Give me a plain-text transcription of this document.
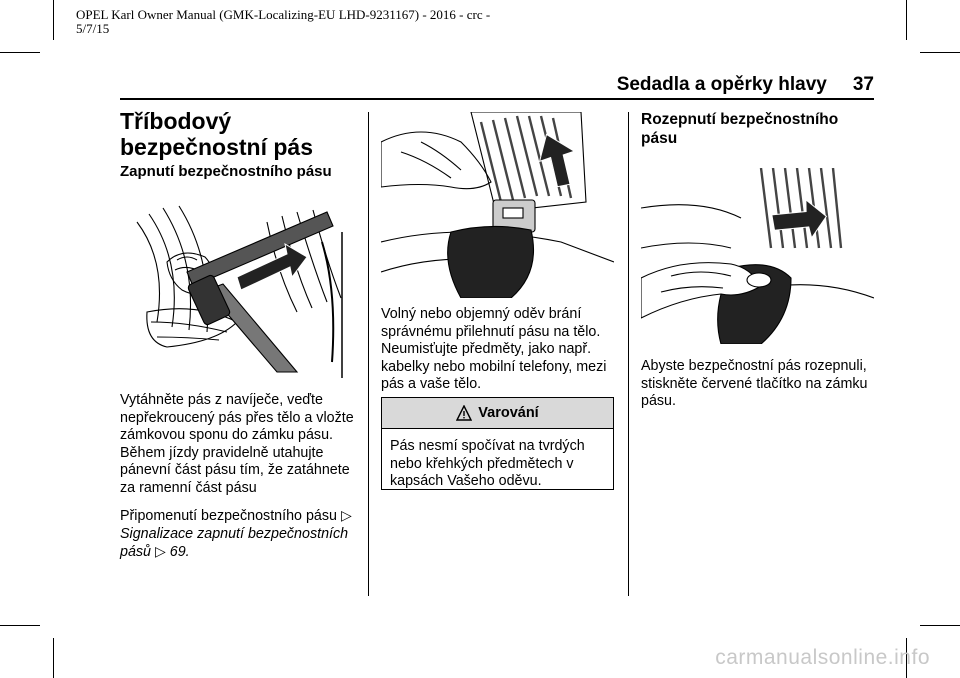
OPEL Karl Owner Manual (GMK-Localizing-EU LHD-9231167) - 2016 - crc -
5/7/15
Sedadla a opěrky hlavy 37
Tříbodový bezpečnostní pás
Zapnutí bezpečnostního pásu

Vytáhněte pás z navíječe, veďte nepřekroucený pás přes tělo a vložte zámkovou sponu do zámku pásu. Během jízdy pravidelně utahujte pánevní část pásu tím, že zatáhnete za ramenní část pásu

Připomenutí bezpečnostního pásu ▷

Signalizace zapnutí bezpečnostních pásů ▷ 69.

Volný nebo objemný oděv brání správnému přilehnutí pásu na tělo. Neumisťujte předměty, jako např. kabelky nebo mobilní telefony, mezi pás a vaše tělo.
Varování
Pás nesmí spočívat na tvrdých nebo křehkých předmětech v kapsách Vašeho oděvu.
Rozepnutí bezpečnostního pásu
Abyste bezpečnostní pás rozepnuli, stiskněte červené tlačítko na zámku pásu.
carmanualsonline.info
